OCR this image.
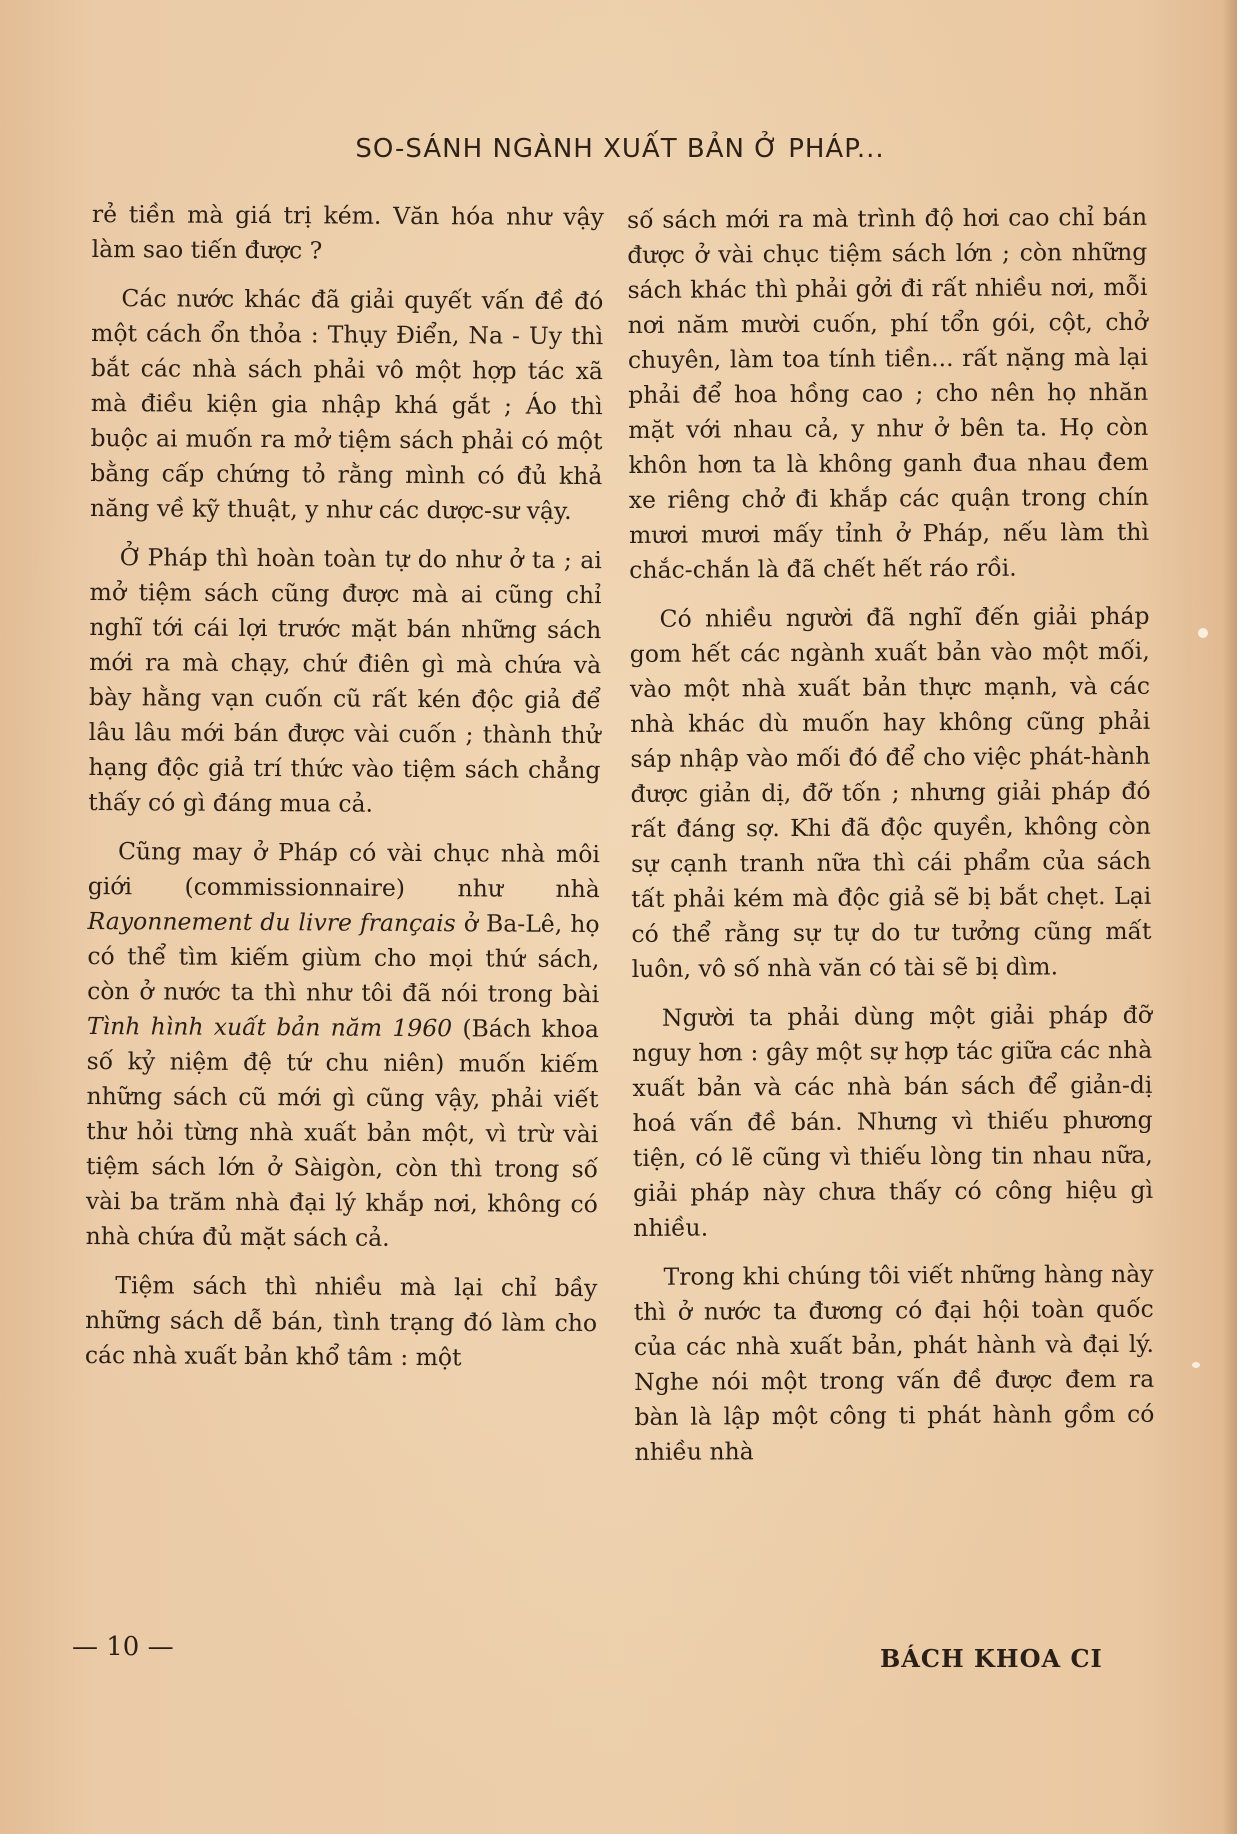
SO-SÁNH NGÀNH XUẤT BẢN Ở PHÁP...

rẻ tiền mà giá trị kém. Văn hóa như vậy làm sao tiến được ?

Các nước khác đã giải quyết vấn đề đó một cách ổn thỏa : Thụy Điển, Na - Uy thì bắt các nhà sách phải vô một hợp tác xã mà điều kiện gia nhập khá gắt ; Áo thì buộc ai muốn ra mở tiệm sách phải có một bằng cấp chứng tỏ rằng mình có đủ khả năng về kỹ thuật, y như các dược-sư vậy.

Ở Pháp thì hoàn toàn tự do như ở ta ; ai mở tiệm sách cũng được mà ai cũng chỉ nghĩ tới cái lợi trước mặt bán những sách mới ra mà chạy, chứ điên gì mà chứa và bày hằng vạn cuốn cũ rất kén độc giả để lâu lâu mới bán được vài cuốn ; thành thử hạng độc giả trí thức vào tiệm sách chẳng thấy có gì đáng mua cả.

Cũng may ở Pháp có vài chục nhà môi giới (commissionnaire) như nhà Rayonnement du livre français ở Ba-Lê, họ có thể tìm kiếm giùm cho mọi thứ sách, còn ở nước ta thì như tôi đã nói trong bài Tình hình xuất bản năm 1960 (Bách khoa số kỷ niệm đệ tứ chu niên) muốn kiếm những sách cũ mới gì cũng vậy, phải viết thư hỏi từng nhà xuất bản một, vì trừ vài tiệm sách lớn ở Sàigòn, còn thì trong số vài ba trăm nhà đại lý khắp nơi, không có nhà chứa đủ mặt sách cả.

Tiệm sách thì nhiều mà lại chỉ bầy những sách dễ bán, tình trạng đó làm cho các nhà xuất bản khổ tâm : một

số sách mới ra mà trình độ hơi cao chỉ bán được ở vài chục tiệm sách lớn ; còn những sách khác thì phải gởi đi rất nhiều nơi, mỗi nơi năm mười cuốn, phí tổn gói, cột, chở chuyên, làm toa tính tiền... rất nặng mà lại phải để hoa hồng cao ; cho nên họ nhăn mặt với nhau cả, y như ở bên ta. Họ còn khôn hơn ta là không ganh đua nhau đem xe riêng chở đi khắp các quận trong chín mươi mươi mấy tỉnh ở Pháp, nếu làm thì chắc-chắn là đã chết hết ráo rồi.

Có nhiều người đã nghĩ đến giải pháp gom hết các ngành xuất bản vào một mối, vào một nhà xuất bản thực mạnh, và các nhà khác dù muốn hay không cũng phải sáp nhập vào mối đó để cho việc phát-hành được giản dị, đỡ tốn ; nhưng giải pháp đó rất đáng sợ. Khi đã độc quyền, không còn sự cạnh tranh nữa thì cái phẩm của sách tất phải kém mà độc giả sẽ bị bắt chẹt. Lại có thể rằng sự tự do tư tưởng cũng mất luôn, vô số nhà văn có tài sẽ bị dìm.

Người ta phải dùng một giải pháp đỡ nguy hơn : gây một sự hợp tác giữa các nhà xuất bản và các nhà bán sách để giản-dị hoá vấn đề bán. Nhưng vì thiếu phương tiện, có lẽ cũng vì thiếu lòng tin nhau nữa, giải pháp này chưa thấy có công hiệu gì nhiều.

Trong khi chúng tôi viết những hàng này thì ở nước ta đương có đại hội toàn quốc của các nhà xuất bản, phát hành và đại lý. Nghe nói một trong vấn đề được đem ra bàn là lập một công ti phát hành gồm có nhiều nhà

— 10 —	BÁCH KHOA CI
